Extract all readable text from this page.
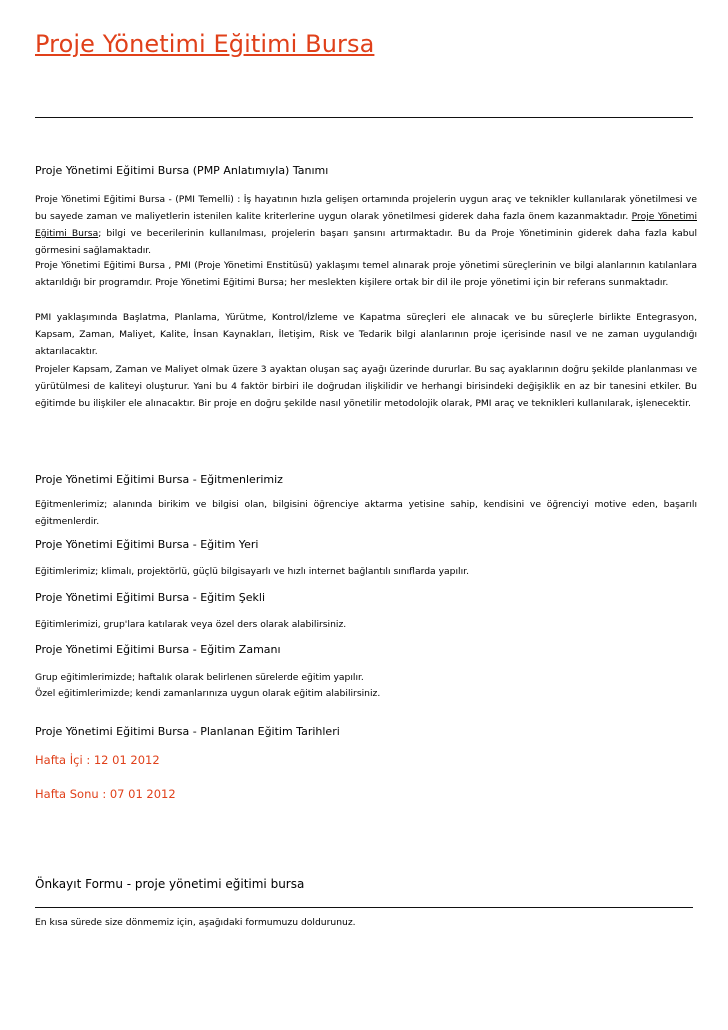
Proje Yönetimi Eğitimi Bursa
Proje Yönetimi Eğitimi Bursa (PMP Anlatımıyla) Tanımı
Proje Yönetimi Eğitimi Bursa - (PMI Temelli) : İş hayatının hızla gelişen ortamında projelerin uygun araç ve teknikler kullanılarak yönetilmesi ve bu sayede zaman ve maliyetlerin istenilen kalite kriterlerine uygun olarak yönetilmesi giderek daha fazla önem kazanmaktadır. Proje Yönetimi Eğitimi Bursa; bilgi ve becerilerinin kullanılması, projelerin başarı şansını artırmaktadır. Bu da Proje Yönetiminin giderek daha fazla kabul görmesini sağlamaktadır.
Proje Yönetimi Eğitimi Bursa , PMI (Proje Yönetimi Enstitüsü) yaklaşımı temel alınarak proje yönetimi süreçlerinin ve bilgi alanlarının katılanlara aktarıldığı bir programdır. Proje Yönetimi Eğitimi Bursa; her meslekten kişilere ortak bir dil ile proje yönetimi için bir referans sunmaktadır.
PMI yaklaşımında Başlatma, Planlama, Yürütme, Kontrol/İzleme ve Kapatma süreçleri ele alınacak ve bu süreçlerle birlikte Entegrasyon, Kapsam, Zaman, Maliyet, Kalite, İnsan Kaynakları, İletişim, Risk ve Tedarik bilgi alanlarının proje içerisinde nasıl ve ne zaman uygulandığı aktarılacaktır.
Projeler Kapsam, Zaman ve Maliyet olmak üzere 3 ayaktan oluşan saç ayağı üzerinde dururlar. Bu saç ayaklarının doğru şekilde planlanması ve yürütülmesi de kaliteyi oluşturur. Yani bu 4 faktör birbiri ile doğrudan ilişkilidir ve herhangi birisindeki değişiklik en az bir tanesini etkiler. Bu eğitimde bu ilişkiler ele alınacaktır. Bir proje en doğru şekilde nasıl yönetilir metodolojik olarak, PMI araç ve teknikleri kullanılarak, işlenecektir.
Proje Yönetimi Eğitimi Bursa - Eğitmenlerimiz
Eğitmenlerimiz; alanında birikim ve bilgisi olan, bilgisini öğrenciye aktarma yetisine sahip, kendisini ve öğrenciyi motive eden, başarılı eğitmenlerdir.
Proje Yönetimi Eğitimi Bursa - Eğitim Yeri
Eğitimlerimiz; klimalı, projektörlü, güçlü bilgisayarlı ve hızlı internet bağlantılı sınıflarda yapılır.
Proje Yönetimi Eğitimi Bursa - Eğitim Şekli
Eğitimlerimizi, grup'lara katılarak veya özel ders olarak alabilirsiniz.
Proje Yönetimi Eğitimi Bursa - Eğitim Zamanı
Grup eğitimlerimizde; haftalık olarak belirlenen sürelerde eğitim yapılır.
Özel eğitimlerimizde; kendi zamanlarınıza uygun olarak eğitim alabilirsiniz.
Proje Yönetimi Eğitimi Bursa - Planlanan Eğitim Tarihleri
Hafta İçi : 12 01 2012
Hafta Sonu : 07 01 2012
Önkayıt Formu - proje yönetimi eğitimi bursa
En kısa sürede size dönmemiz için, aşağıdaki formumuzu doldurunuz.
